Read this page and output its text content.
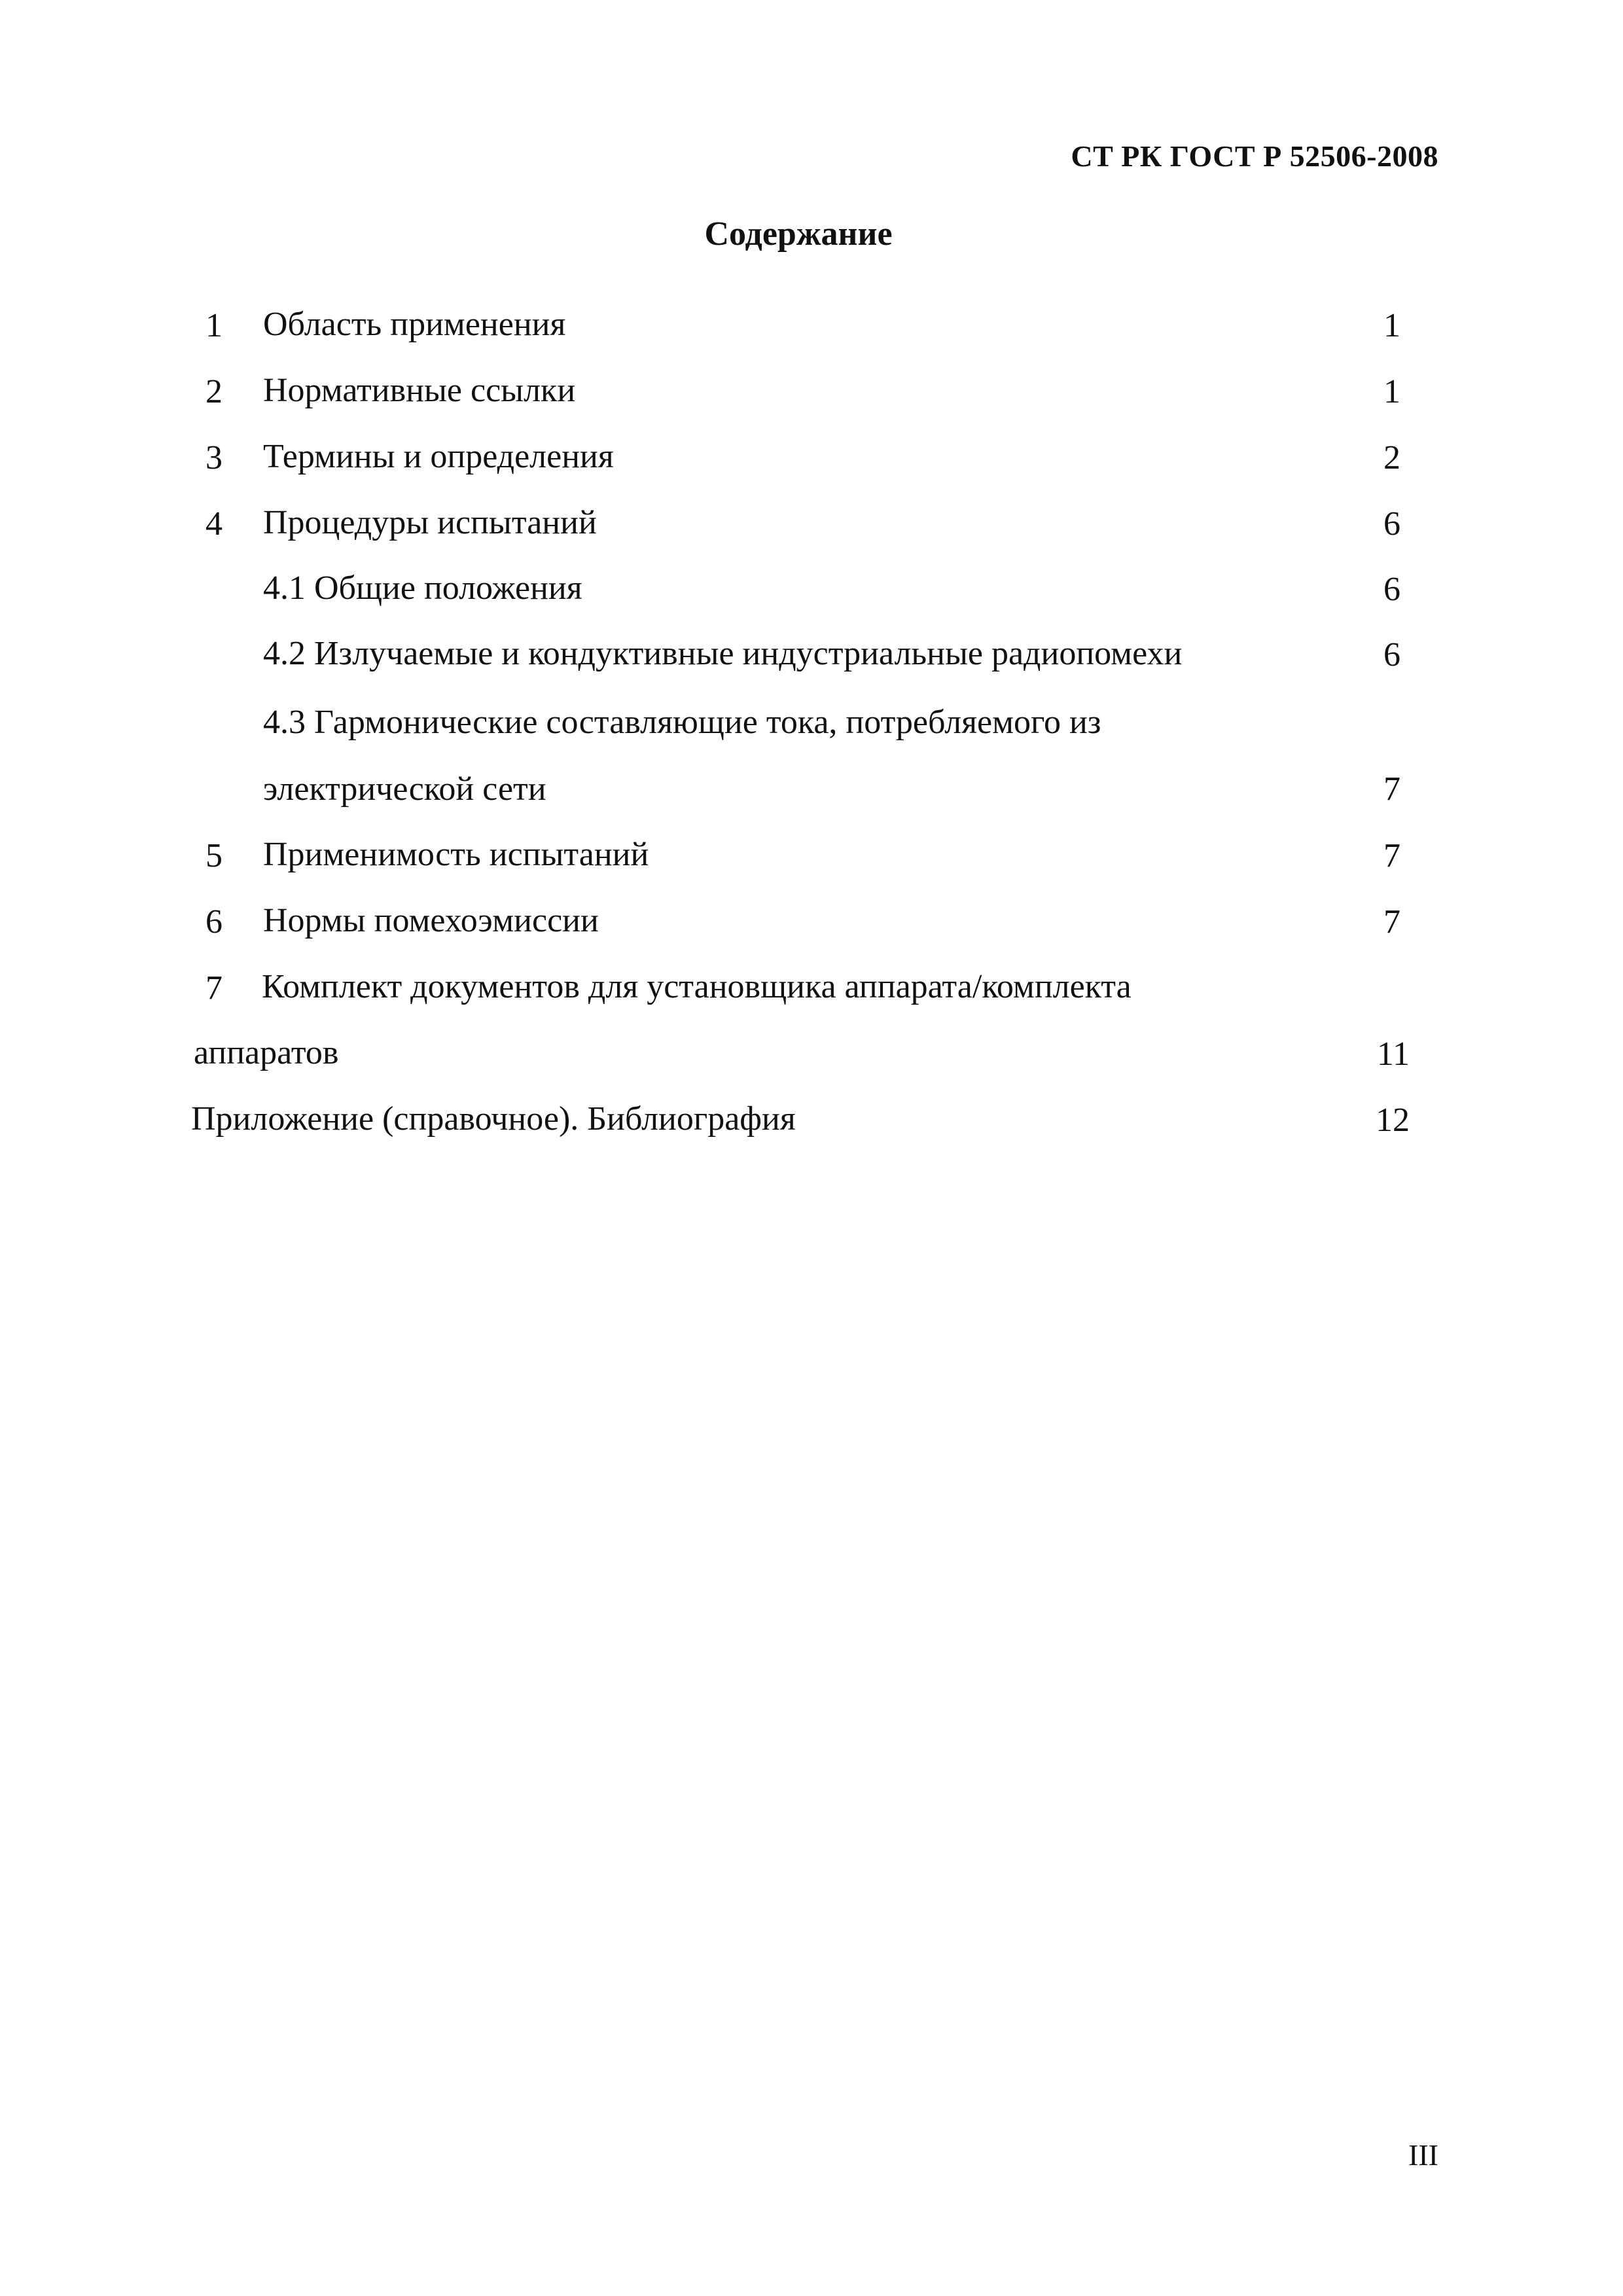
СТ РК ГОСТ Р 52506-2008
Содержание
1 Область применения	1
2 Нормативные ссылки	1
3 Термины и определения	2
4 Процедуры испытаний	6
4.1 Общие положения	6
4.2 Излучаемые и кондуктивные индустриальные радиопомехи	6
4.3 Гармонические составляющие тока, потребляемого из
электрической сети	7
5 Применимость испытаний	7
6 Нормы помехоэмиссии	7
7 Комплект документов для установщика аппарата/комплекта
аппаратов	11
Приложение (справочное). Библиография	12
III
